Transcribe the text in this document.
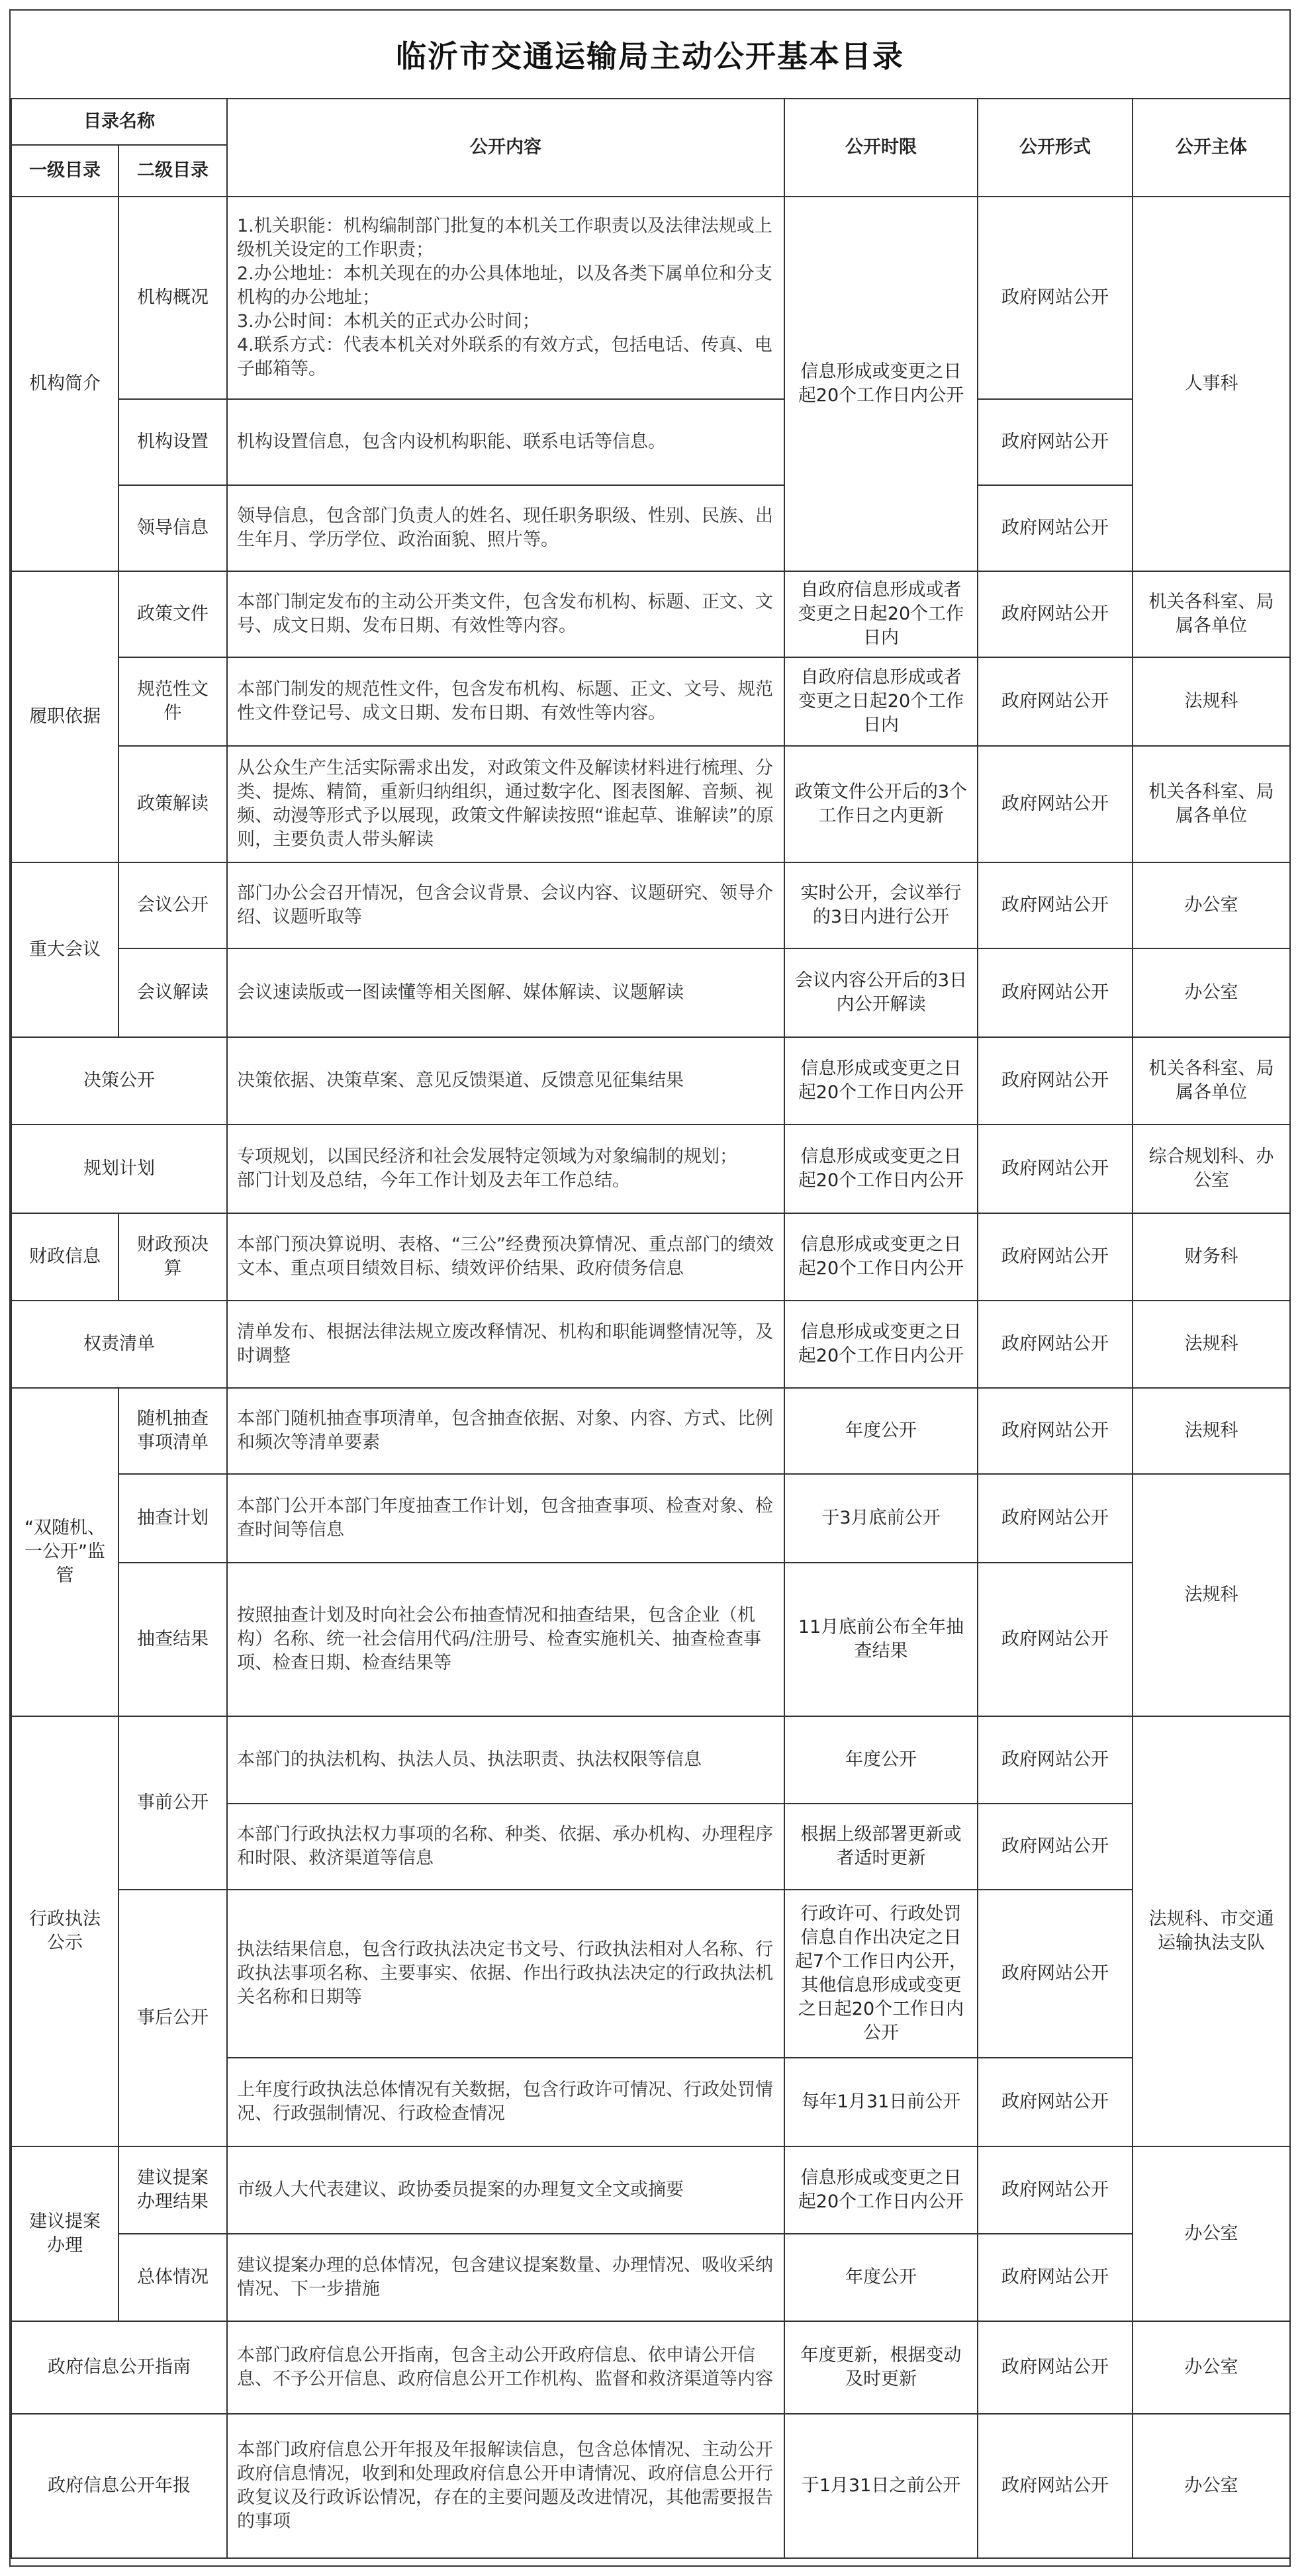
临沂市交通运输局主动公开基本目录
目录名称		公开内容	公开时限	公开形式	公开主体
一级目录	二级目录				
机构简介	机构概况	1.机关职能：机构编制部门批复的本机关工作职责以及法律法规或上级机关设定的工作职责；
2.办公地址：本机关现在的办公具体地址，以及各类下属单位和分支机构的办公地址；
3.办公时间：本机关的正式办公时间；
4.联系方式：代表本机关对外联系的有效方式，包括电话、传真、电子邮箱等。	信息形成或变更之日起20个工作日内公开	政府网站公开	人事科
	机构设置	机构设置信息，包含内设机构职能、联系电话等信息。		政府网站公开	
	领导信息	领导信息，包含部门负责人的姓名、现任职务职级、性别、民族、出生年月、学历学位、政治面貌、照片等。		政府网站公开	
履职依据	政策文件	本部门制定发布的主动公开类文件，包含发布机构、标题、正文、文号、成文日期、发布日期、有效性等内容。	自政府信息形成或者变更之日起20个工作日内	政府网站公开	机关各科室、局属各单位
	规范性文件	本部门制发的规范性文件，包含发布机构、标题、正文、文号、规范性文件登记号、成文日期、发布日期、有效性等内容。	自政府信息形成或者变更之日起20个工作日内	政府网站公开	法规科
	政策解读	从公众生产生活实际需求出发，对政策文件及解读材料进行梳理、分类、提炼、精简，重新归纳组织，通过数字化、图表图解、音频、视频、动漫等形式予以展现，政策文件解读按照“谁起草、谁解读”的原则，主要负责人带头解读	政策文件公开后的3个工作日之内更新	政府网站公开	机关各科室、局属各单位
重大会议	会议公开	部门办公会召开情况，包含会议背景、会议内容、议题研究、领导介绍、议题听取等	实时公开，会议举行的3日内进行公开	政府网站公开	办公室
	会议解读	会议速读版或一图读懂等相关图解、媒体解读、议题解读	会议内容公开后的3日内公开解读	政府网站公开	办公室
决策公开		决策依据、决策草案、意见反馈渠道、反馈意见征集结果	信息形成或变更之日起20个工作日内公开	政府网站公开	机关各科室、局属各单位
规划计划		专项规划，以国民经济和社会发展特定领域为对象编制的规划；
部门计划及总结，今年工作计划及去年工作总结。	信息形成或变更之日起20个工作日内公开	政府网站公开	综合规划科、办公室
财政信息	财政预决算	本部门预决算说明、表格、“三公”经费预决算情况、重点部门的绩效文本、重点项目绩效目标、绩效评价结果、政府债务信息	信息形成或变更之日起20个工作日内公开	政府网站公开	财务科
权责清单		清单发布、根据法律法规立废改释情况、机构和职能调整情况等，及时调整	信息形成或变更之日起20个工作日内公开	政府网站公开	法规科
“双随机、一公开”监管	随机抽查事项清单	本部门随机抽查事项清单，包含抽查依据、对象、内容、方式、比例和频次等清单要素	年度公开	政府网站公开	法规科
	抽查计划	本部门公开本部门年度抽查工作计划，包含抽查事项、检查对象、检查时间等信息	于3月底前公开	政府网站公开	法规科
	抽查结果	按照抽查计划及时向社会公布抽查情况和抽查结果，包含企业（机构）名称、统一社会信用代码/注册号、检查实施机关、抽查检查事项、检查日期、检查结果等	11月底前公布全年抽查结果	政府网站公开	
行政执法公示	事前公开	本部门的执法机构、执法人员、执法职责、执法权限等信息	年度公开	政府网站公开	法规科、市交通运输执法支队
		本部门行政执法权力事项的名称、种类、依据、承办机构、办理程序和时限、救济渠道等信息	根据上级部署更新或者适时更新	政府网站公开	
	事后公开	执法结果信息，包含行政执法决定书文号、行政执法相对人名称、行政执法事项名称、主要事实、依据、作出行政执法决定的行政执法机关名称和日期等	行政许可、行政处罚信息自作出决定之日起7个工作日内公开，其他信息形成或变更之日起20个工作日内公开	政府网站公开	
		上年度行政执法总体情况有关数据，包含行政许可情况、行政处罚情况、行政强制情况、行政检查情况	每年1月31日前公开	政府网站公开	
建议提案办理	建议提案办理结果	市级人大代表建议、政协委员提案的办理复文全文或摘要	信息形成或变更之日起20个工作日内公开	政府网站公开	办公室
	总体情况	建议提案办理的总体情况，包含建议提案数量、办理情况、吸收采纳情况、下一步措施	年度公开	政府网站公开	
政府信息公开指南		本部门政府信息公开指南，包含主动公开政府信息、依申请公开信息、不予公开信息、政府信息公开工作机构、监督和救济渠道等内容	年度更新，根据变动及时更新	政府网站公开	办公室
政府信息公开年报		本部门政府信息公开年报及年报解读信息，包含总体情况、主动公开政府信息情况，收到和处理政府信息公开申请情况、政府信息公开行政复议及行政诉讼情况，存在的主要问题及改进情况，其他需要报告的事项	于1月31日之前公开	政府网站公开	办公室
